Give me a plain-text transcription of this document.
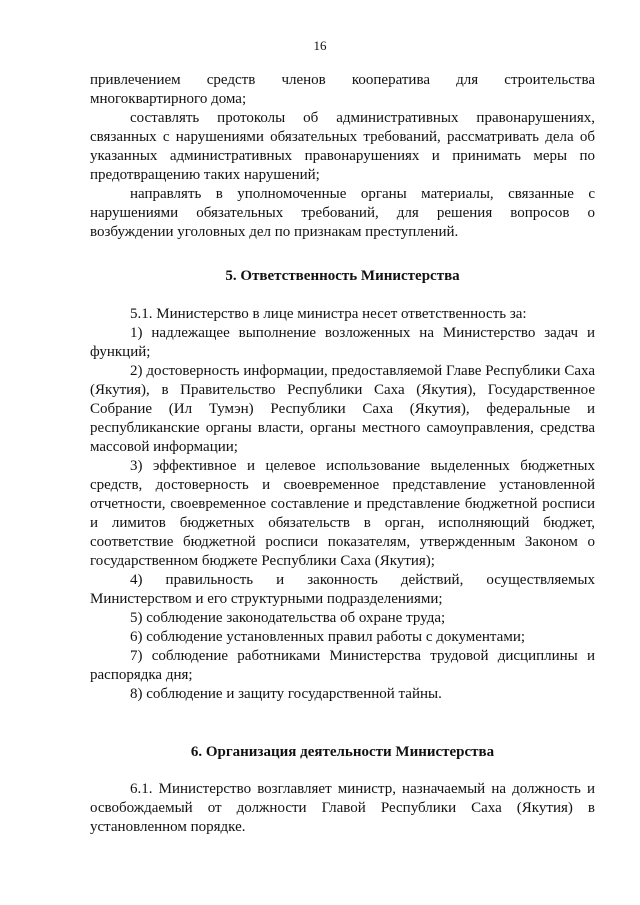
16

привлечением средств членов кооператива для строительства многоквартирного дома;

составлять протоколы об административных правонарушениях, связанных с нарушениями обязательных требований, рассматривать дела об указанных административных правонарушениях и принимать меры по предотвращению таких нарушений;

направлять в уполномоченные органы материалы, связанные с нарушениями обязательных требований, для решения вопросов о возбуждении уголовных дел по признакам преступлений.

5. Ответственность Министерства

5.1. Министерство в лице министра несет ответственность за:

1) надлежащее выполнение возложенных на Министерство задач и функций;

2) достоверность информации, предоставляемой Главе Республики Саха (Якутия), в Правительство Республики Саха (Якутия), Государственное Собрание (Ил Тумэн) Республики Саха (Якутия), федеральные и республиканские органы власти, органы местного самоуправления, средства массовой информации;

3) эффективное и целевое использование выделенных бюджетных средств, достоверность и своевременное представление установленной отчетности, своевременное составление и представление бюджетной росписи и лимитов бюджетных обязательств в орган, исполняющий бюджет, соответствие бюджетной росписи показателям, утвержденным Законом о государственном бюджете Республики Саха (Якутия);

4) правильность и законность действий, осуществляемых Министерством и его структурными подразделениями;

5) соблюдение законодательства об охране труда;

6) соблюдение установленных правил работы с документами;

7) соблюдение работниками Министерства трудовой дисциплины и распорядка дня;

8) соблюдение и защиту государственной тайны.

6. Организация деятельности Министерства

6.1. Министерство возглавляет министр, назначаемый на должность и освобождаемый от должности Главой Республики Саха (Якутия) в установленном порядке.
